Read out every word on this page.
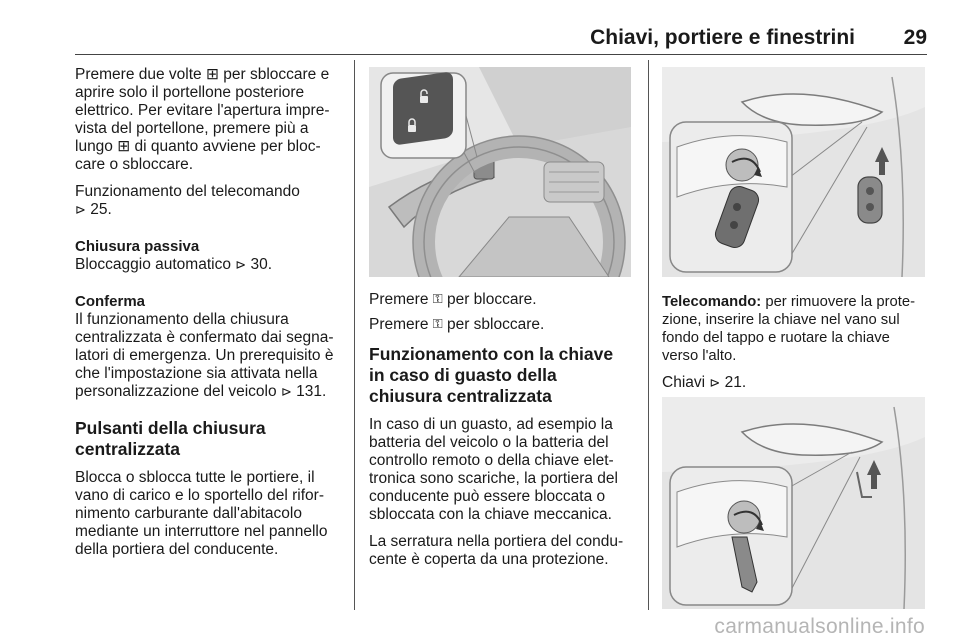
Chiavi, portiere e finestrini 29

Premere due volte ⊞ per sbloccare e aprire solo il portellone posteriore elettrico. Per evitare l'apertura impre-vista del portellone, premere più a lungo ⊞ di quanto avviene per bloc-care o sbloccare.

Funzionamento del telecomando
⊳ 25.

Chiusura passiva

Bloccaggio automatico ⊳ 30.

Conferma

Il funzionamento della chiusura centralizzata è confermato dai segna-latori di emergenza. Un prerequisito è che l'impostazione sia attivata nella personalizzazione del veicolo ⊳ 131.

Pulsanti della chiusura centralizzata

Blocca o sblocca tutte le portiere, il vano di carico e lo sportello del rifor-nimento carburante dall'abitacolo mediante un interruttore nel pannello della portiera del conducente.

Premere ⚿ per bloccare.

Premere ⚿ per sbloccare.

Funzionamento con la chiave in caso di guasto della chiusura centralizzata

In caso di un guasto, ad esempio la batteria del veicolo o la batteria del controllo remoto o della chiave elet-tronica sono scariche, la portiera del conducente può essere bloccata o sbloccata con la chiave meccanica.

La serratura nella portiera del condu-cente è coperta da una protezione.

Telecomando: per rimuovere la prote-zione, inserire la chiave nel vano sul fondo del tappo e ruotare la chiave verso l'alto.

Chiavi ⊳ 21.

carmanualsonline.info
